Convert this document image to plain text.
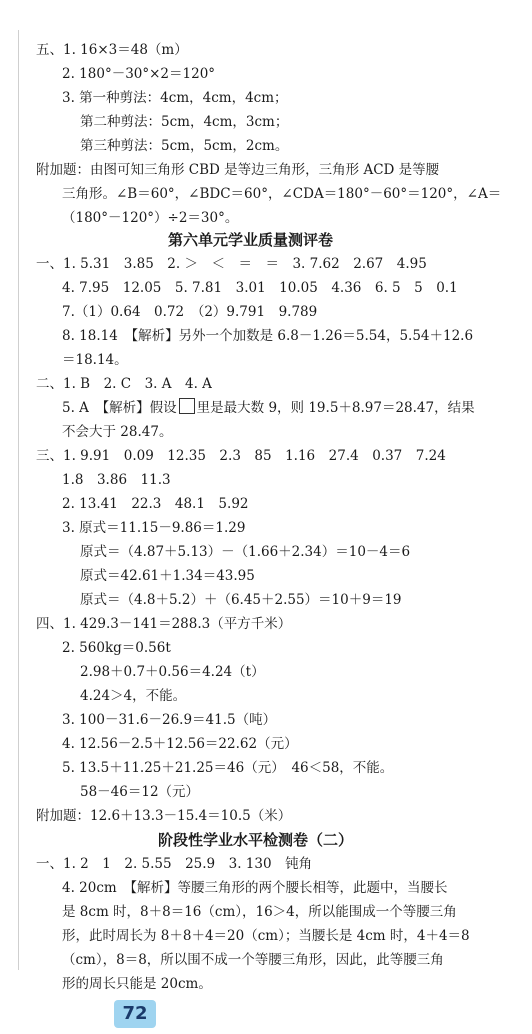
五、1. 16×3＝48（m）
2. 180°－30°×2＝120°
3. 第一种剪法：4cm，4cm，4cm；
第二种剪法：5cm，4cm，3cm；
第三种剪法：5cm，5cm，2cm。
附加题：由图可知三角形 CBD 是等边三角形，三角形 ACD 是等腰
三角形。∠B＝60°，∠BDC＝60°，∠CDA＝180°－60°＝120°，∠A＝
（180°－120°）÷2＝30°。
第六单元学业质量测评卷
一、1. 5.31　3.85　2. ＞　＜　＝　＝　3. 7.62　2.67　4.95
4. 7.95　12.05　5. 7.81　3.01　10.05　4.36　6. 5　5　0.1
7.（1）0.64　0.72　（2）9.791　9.789
8. 18.14　【解析】另外一个加数是 6.8－1.26＝5.54，5.54＋12.6
＝18.14。
二、1. B　2. C　3. A　4. A
5. A　【解析】假设 里是最大数 9，则 19.5＋8.97＝28.47，结果
不会大于 28.47。
三、1. 9.91　0.09　12.35　2.3　85　1.16　27.4　0.37　7.24
1.8　3.86　11.3
2. 13.41　22.3　48.1　5.92
3. 原式＝11.15－9.86＝1.29
原式＝（4.87＋5.13）－（1.66＋2.34）＝10－4＝6
原式＝42.61＋1.34＝43.95
原式＝（4.8＋5.2）＋（6.45＋2.55）＝10＋9＝19
四、1. 429.3－141＝288.3（平方千米）
2. 560kg＝0.56t
2.98＋0.7＋0.56＝4.24（t）
4.24＞4，不能。
3. 100－31.6－26.9＝41.5（吨）
4. 12.56－2.5＋12.56＝22.62（元）
5. 13.5＋11.25＋21.25＝46（元）　46＜58，不能。
58－46＝12（元）
附加题：12.6＋13.3－15.4＝10.5（米）
阶段性学业水平检测卷（二）
一、1. 2　1　2. 5.55　25.9　3. 130　钝角
4. 20cm　【解析】等腰三角形的两个腰长相等，此题中，当腰长
是 8cm 时，8＋8＝16（cm），16＞4，所以能围成一个等腰三角
形，此时周长为 8＋8＋4＝20（cm）；当腰长是 4cm 时，4＋4＝8
（cm），8＝8，所以围不成一个等腰三角形，因此，此等腰三角
形的周长只能是 20cm。
72
